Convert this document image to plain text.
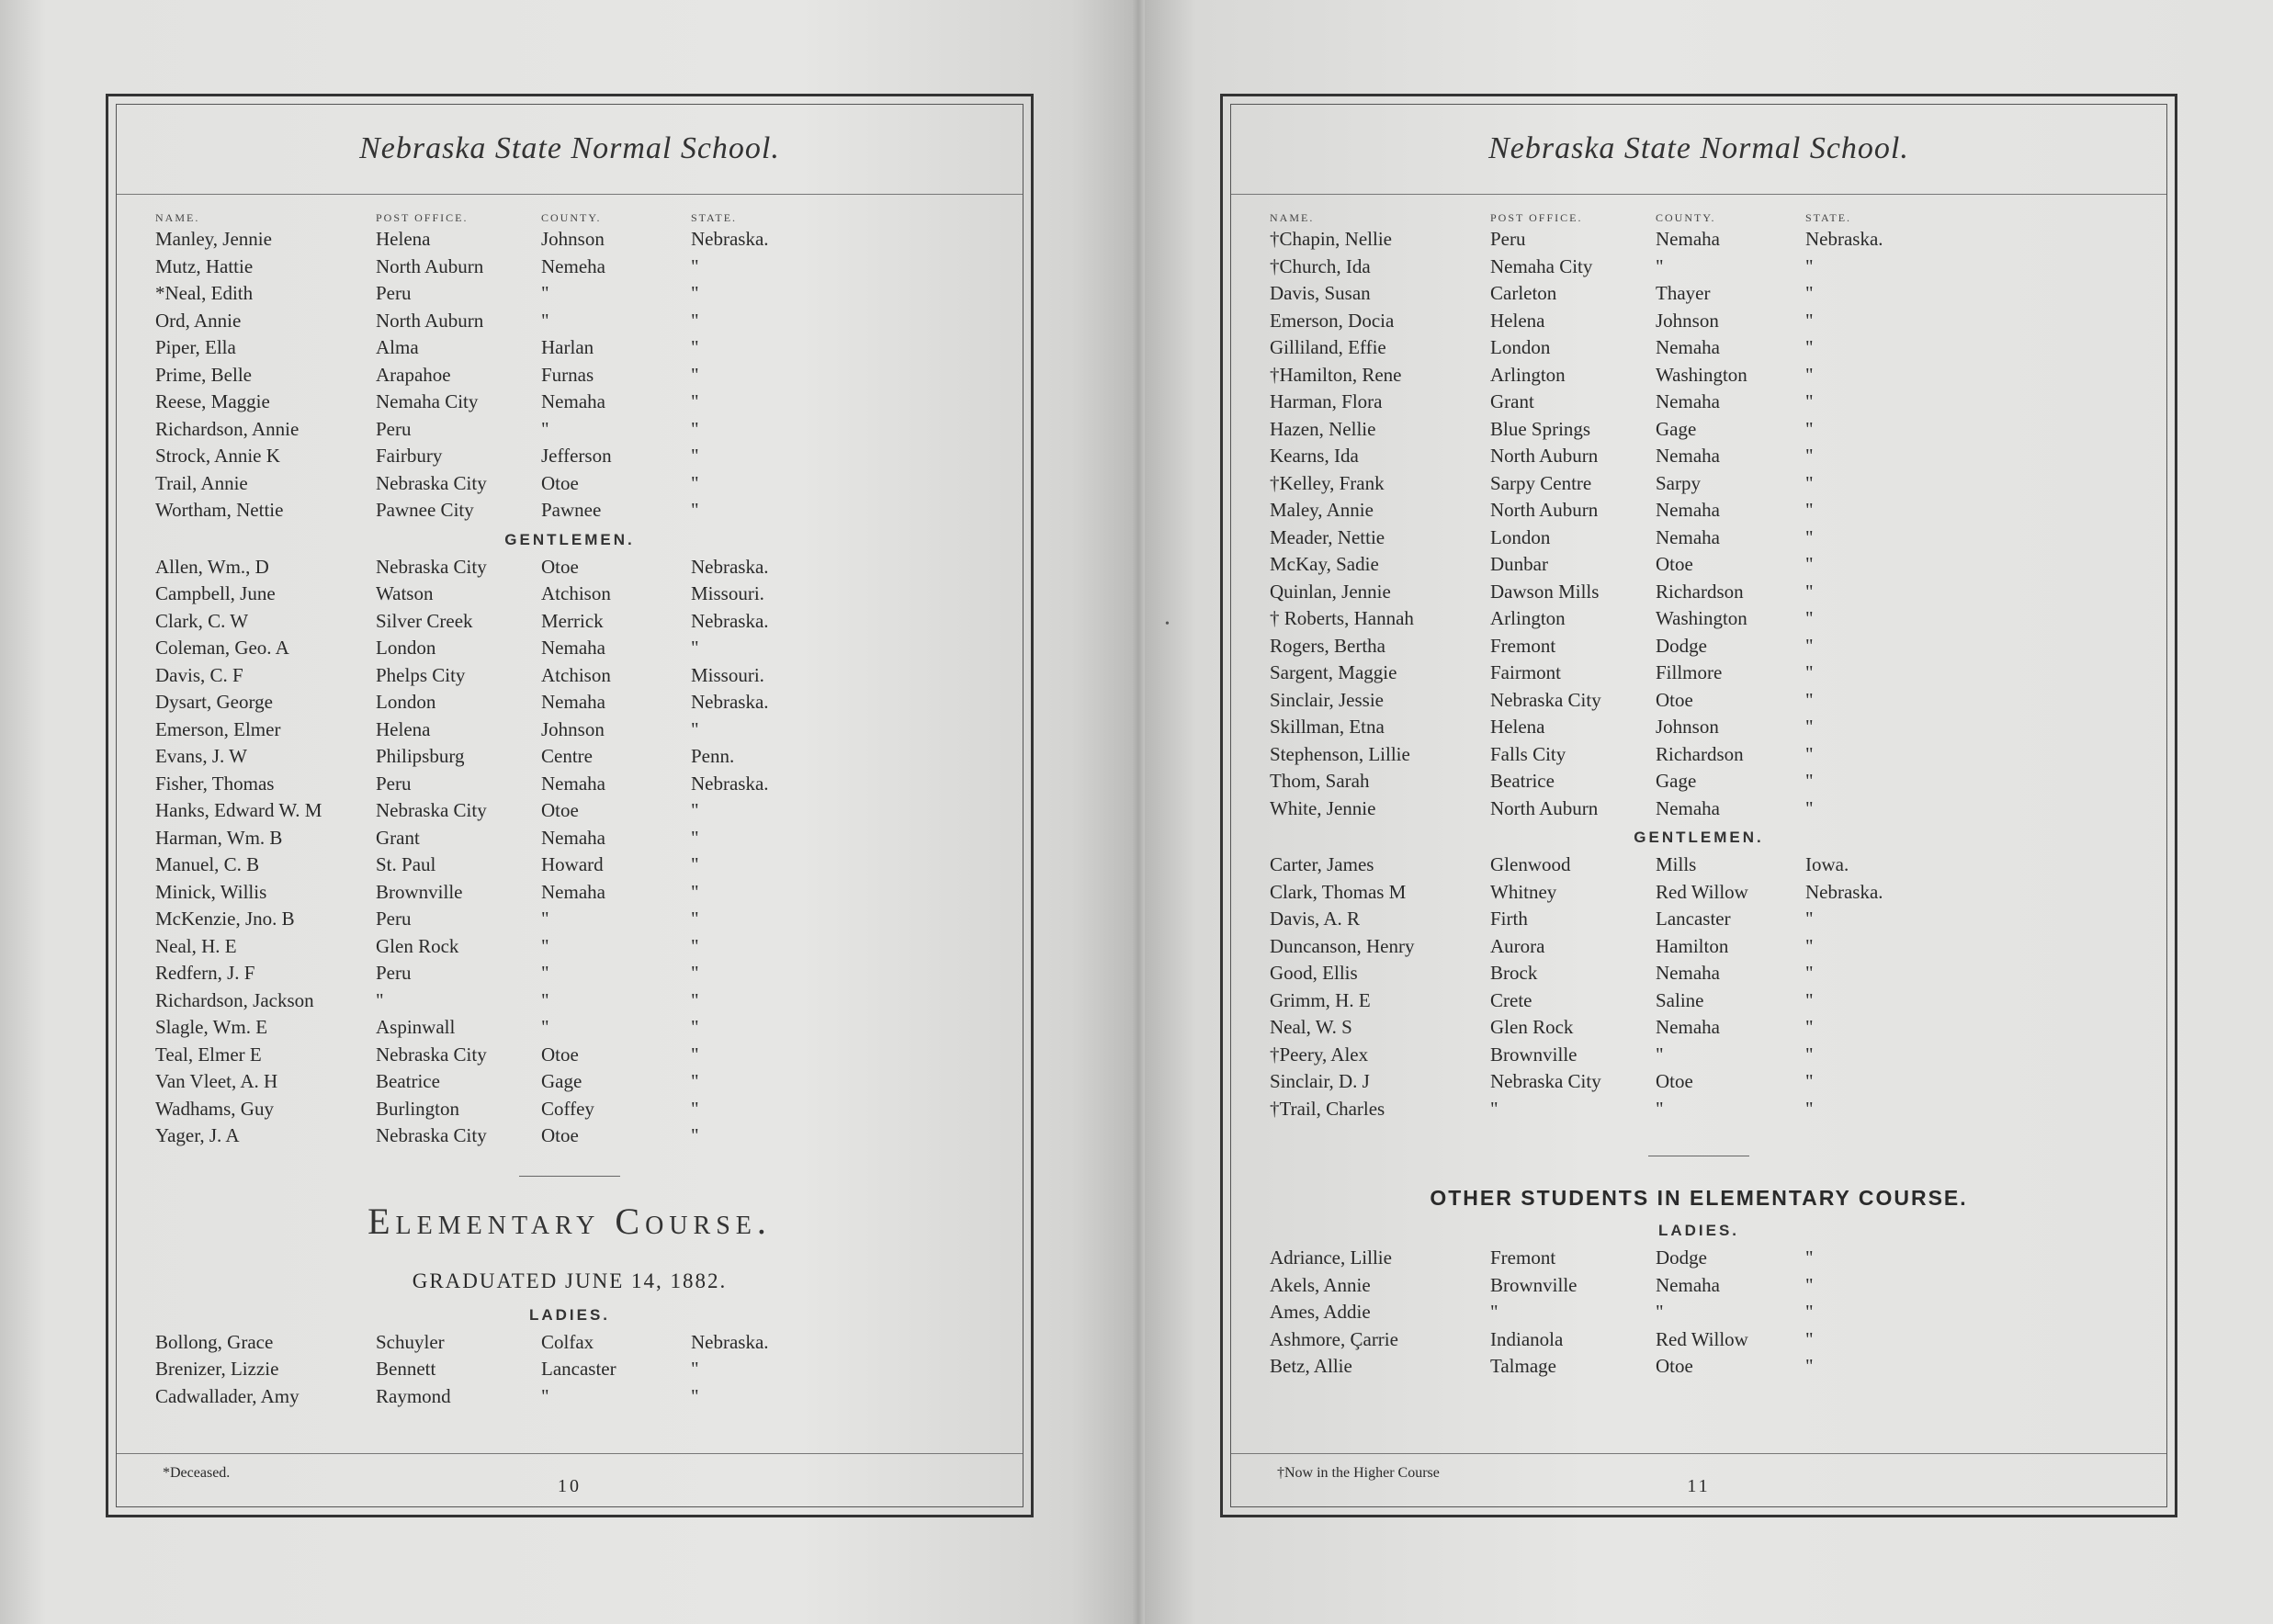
•
Nebraska State Normal School.
NAME.	POST OFFICE.	COUNTY.	STATE.
Manley, Jennie	Helena	Johnson	Nebraska.
Mutz, Hattie	North Auburn	Nemeha	"
*Neal, Edith	Peru	"	"
Ord, Annie	North Auburn	"	"
Piper, Ella	Alma	Harlan	"
Prime, Belle	Arapahoe	Furnas	"
Reese, Maggie	Nemaha City	Nemaha	"
Richardson, Annie	Peru	"	"
Strock, Annie K	Fairbury	Jefferson	"
Trail, Annie	Nebraska City	Otoe	"
Wortham, Nettie	Pawnee City	Pawnee	"
GENTLEMEN.
Allen, Wm., D	Nebraska City	Otoe	Nebraska.
Campbell, June	Watson	Atchison	Missouri.
Clark, C. W	Silver Creek	Merrick	Nebraska.
Coleman, Geo. A	London	Nemaha	"
Davis, C. F	Phelps City	Atchison	Missouri.
Dysart, George	London	Nemaha	Nebraska.
Emerson, Elmer	Helena	Johnson	"
Evans, J. W	Philipsburg	Centre	Penn.
Fisher, Thomas	Peru	Nemaha	Nebraska.
Hanks, Edward W. M	Nebraska City	Otoe	"
Harman, Wm. B	Grant	Nemaha	"
Manuel, C. B	St. Paul	Howard	"
Minick, Willis	Brownville	Nemaha	"
McKenzie, Jno. B	Peru	"	"
Neal, H. E	Glen Rock	"	"
Redfern, J. F	Peru	"	"
Richardson, Jackson	"	"	"
Slagle, Wm. E	Aspinwall	"	"
Teal, Elmer E	Nebraska City	Otoe	"
Van Vleet, A. H	Beatrice	Gage	"
Wadhams, Guy	Burlington	Coffey	"
Yager, J. A	Nebraska City	Otoe	"
Elementary Course.
GRADUATED JUNE 14, 1882.
LADIES.
Bollong, Grace	Schuyler	Colfax	Nebraska.
Brenizer, Lizzie	Bennett	Lancaster	"
Cadwallader, Amy	Raymond	"	"
*Deceased.
10
Nebraska State Normal School.
NAME.	POST OFFICE.	COUNTY.	STATE.
†Chapin, Nellie	Peru	Nemaha	Nebraska.
†Church, Ida	Nemaha City	"	"
Davis, Susan	Carleton	Thayer	"
Emerson, Docia	Helena	Johnson	"
Gilliland, Effie	London	Nemaha	"
†Hamilton, Rene	Arlington	Washington	"
Harman, Flora	Grant	Nemaha	"
Hazen, Nellie	Blue Springs	Gage	"
Kearns, Ida	North Auburn	Nemaha	"
†Kelley, Frank	Sarpy Centre	Sarpy	"
Maley, Annie	North Auburn	Nemaha	"
Meader, Nettie	London	Nemaha	"
McKay, Sadie	Dunbar	Otoe	"
Quinlan, Jennie	Dawson Mills	Richardson	"
† Roberts, Hannah	Arlington	Washington	"
Rogers, Bertha	Fremont	Dodge	"
Sargent, Maggie	Fairmont	Fillmore	"
Sinclair, Jessie	Nebraska City	Otoe	"
Skillman, Etna	Helena	Johnson	"
Stephenson, Lillie	Falls City	Richardson	"
Thom, Sarah	Beatrice	Gage	"
White, Jennie	North Auburn	Nemaha	"
GENTLEMEN.
Carter, James	Glenwood	Mills	Iowa.
Clark, Thomas M	Whitney	Red Willow	Nebraska.
Davis, A. R	Firth	Lancaster	"
Duncanson, Henry	Aurora	Hamilton	"
Good, Ellis	Brock	Nemaha	"
Grimm, H. E	Crete	Saline	"
Neal, W. S	Glen Rock	Nemaha	"
†Peery, Alex	Brownville	"	"
Sinclair, D. J	Nebraska City	Otoe	"
†Trail, Charles	"	"	"
OTHER STUDENTS IN ELEMENTARY COURSE.
LADIES.
Adriance, Lillie	Fremont	Dodge	"
Akels, Annie	Brownville	Nemaha	"
Ames, Addie	"	"	"
Ashmore, Çarrie	Indianola	Red Willow	"
Betz, Allie	Talmage	Otoe	"
†Now in the Higher Course
11
